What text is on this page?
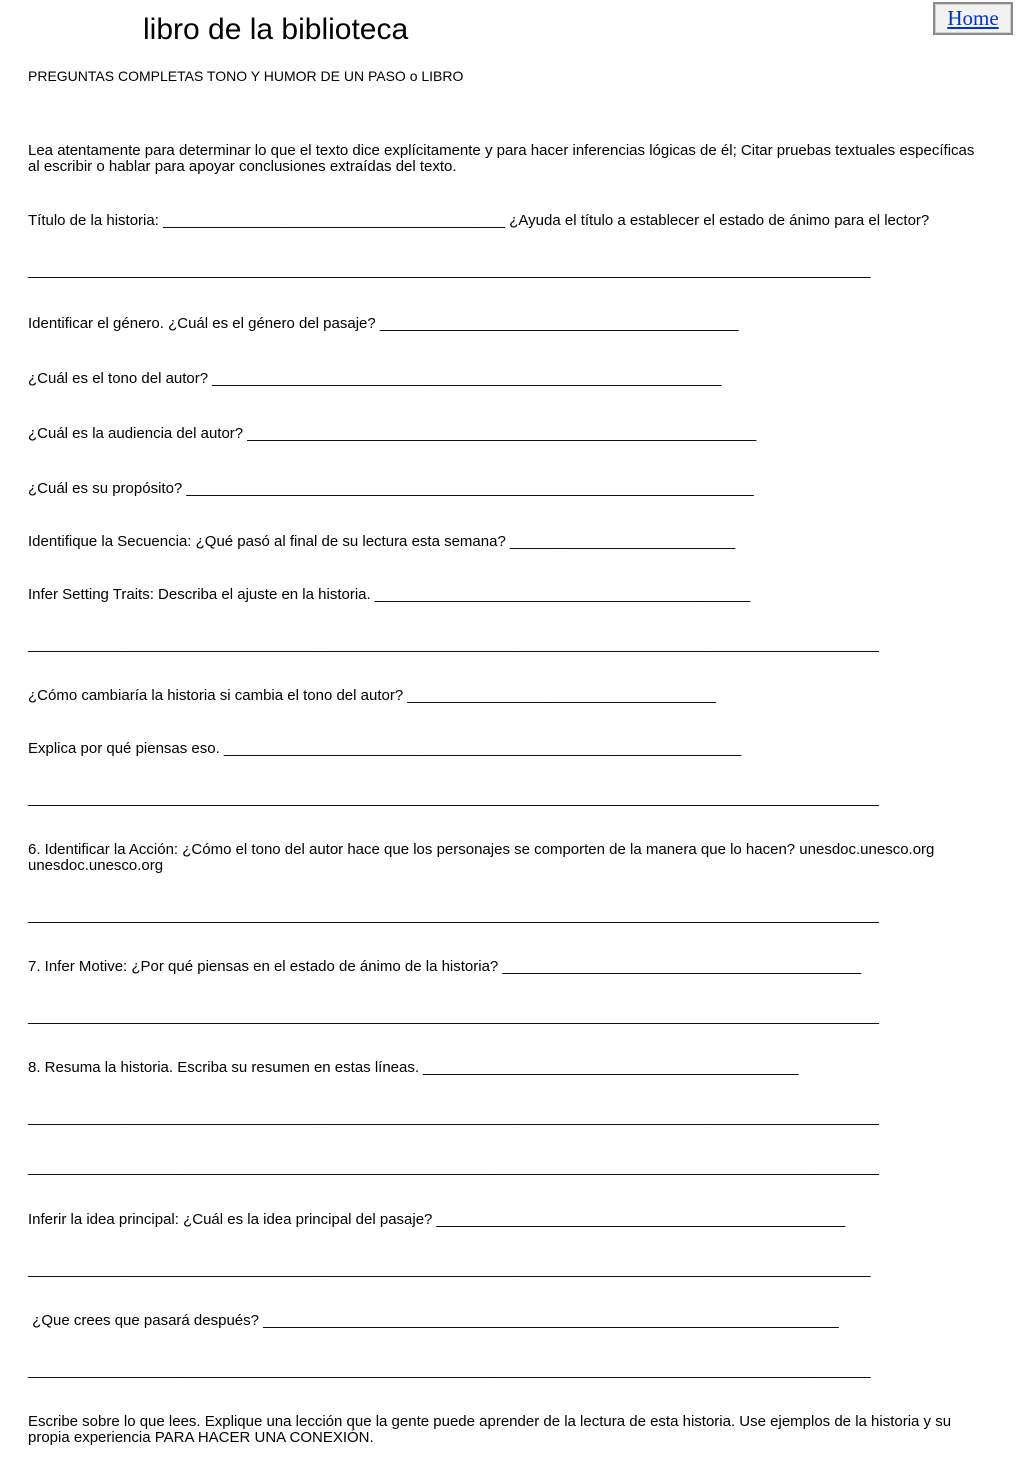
libro de la biblioteca	Home
PREGUNTAS COMPLETAS TONO Y HUMOR DE UN PASO o LIBRO

Lea atentamente para determinar lo que el texto dice explícitamente y para hacer inferencias lógicas de él; Citar pruebas textuales específicas al escribir o hablar para apoyar conclusiones extraídas del texto.

Título de la historia: _________________________________________ ¿Ayuda el título a establecer el estado de ánimo para el lector?

_____________________________________________________________________________________________________

Identificar el género. ¿Cuál es el género del pasaje? ___________________________________________

¿Cuál es el tono del autor? _____________________________________________________________

¿Cuál es la audiencia del autor? _____________________________________________________________

¿Cuál es su propósito? ____________________________________________________________________

Identifique la Secuencia: ¿Qué pasó al final de su lectura esta semana? ___________________________

Infer Setting Traits: Describa el ajuste en la historia. _____________________________________________

______________________________________________________________________________________________________

¿Cómo cambiaría la historia si cambia el tono del autor? _____________________________________

Explica por qué piensas eso. ______________________________________________________________

______________________________________________________________________________________________________

6. Identificar la Acción: ¿Cómo el tono del autor hace que los personajes se comporten de la manera que lo hacen? unesdoc.unesco.org unesdoc.unesco.org

______________________________________________________________________________________________________

7. Infer Motive: ¿Por qué piensas en el estado de ánimo de la historia? ___________________________________________

______________________________________________________________________________________________________

8. Resuma la historia. Escriba su resumen en estas líneas. _____________________________________________

______________________________________________________________________________________________________

______________________________________________________________________________________________________

Inferir la idea principal: ¿Cuál es la idea principal del pasaje? _________________________________________________

_____________________________________________________________________________________________________

¿Que crees que pasará después? _____________________________________________________________________

_____________________________________________________________________________________________________

Escribe sobre lo que lees. Explique una lección que la gente puede aprender de la lectura de esta historia. Use ejemplos de la historia y su propia experiencia PARA HACER UNA CONEXIÓN.
